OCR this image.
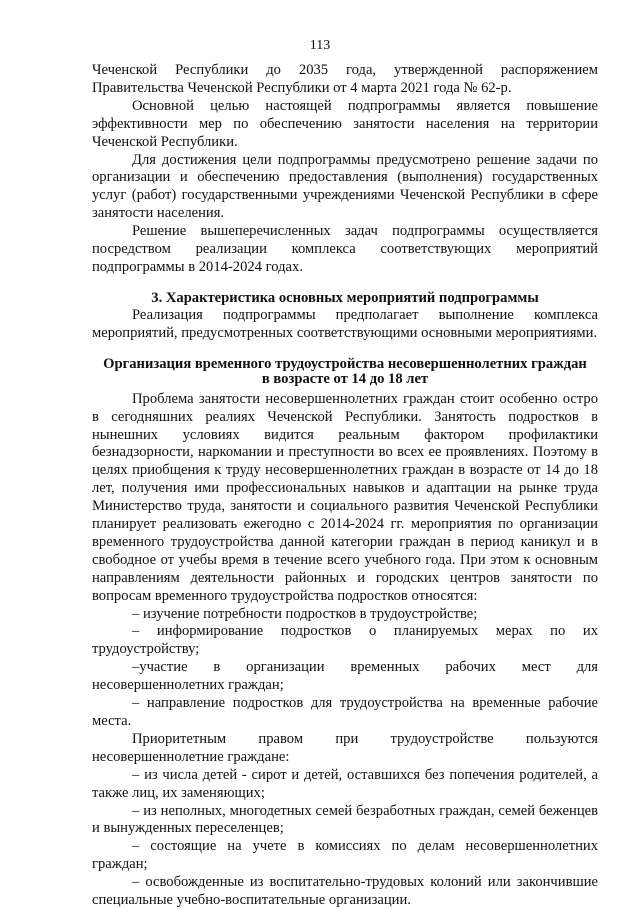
113

Чеченской Республики до 2035 года, утвержденной распоряжением Правительства Чеченской Республики от 4 марта 2021 года № 62-р.

Основной целью настоящей подпрограммы является повышение эффективности мер по обеспечению занятости населения на территории Чеченской Республики.

Для достижения цели подпрограммы предусмотрено решение задачи по организации и обеспечению предоставления (выполнения) государственных услуг (работ) государственными учреждениями Чеченской Республики в сфере занятости населения.

Решение вышеперечисленных задач подпрограммы осуществляется посредством реализации комплекса соответствующих мероприятий подпрограммы в 2014-2024 годах.

3. Характеристика основных мероприятий подпрограммы

Реализация подпрограммы предполагает выполнение комплекса мероприятий, предусмотренных соответствующими основными мероприятиями.

Организация временного трудоустройства несовершеннолетних граждан
в возрасте от 14 до 18 лет

Проблема занятости несовершеннолетних граждан стоит особенно остро в сегодняшних реалиях Чеченской Республики. Занятость подростков в нынешних условиях видится реальным фактором профилактики безнадзорности, наркомании и преступности во всех ее проявлениях. Поэтому в целях приобщения к труду несовершеннолетних граждан в возрасте от 14 до 18 лет, получения ими профессиональных навыков и адаптации на рынке труда Министерство труда, занятости и социального развития Чеченской Республики планирует реализовать ежегодно с 2014-2024 гг. мероприятия по организации временного трудоустройства данной категории граждан в период каникул и в свободное от учебы время в течение всего учебного года. При этом к основным направлениям деятельности районных и городских центров занятости по вопросам временного трудоустройства подростков относятся:

– изучение потребности подростков в трудоустройстве;

– информирование подростков о планируемых мерах по их трудоустройству;

–участие в организации временных рабочих мест для несовершеннолетних граждан;

– направление подростков для трудоустройства на временные рабочие места.

Приоритетным правом при трудоустройстве пользуются несовершеннолетние граждане:

– из числа детей - сирот и детей, оставшихся без попечения родителей, а также лиц, их заменяющих;

– из неполных, многодетных семей безработных граждан, семей беженцев и вынужденных переселенцев;

– состоящие на учете в комиссиях по делам несовершеннолетних граждан;

– освобожденные из воспитательно-трудовых колоний или закончившие специальные учебно-воспитательные организации.
